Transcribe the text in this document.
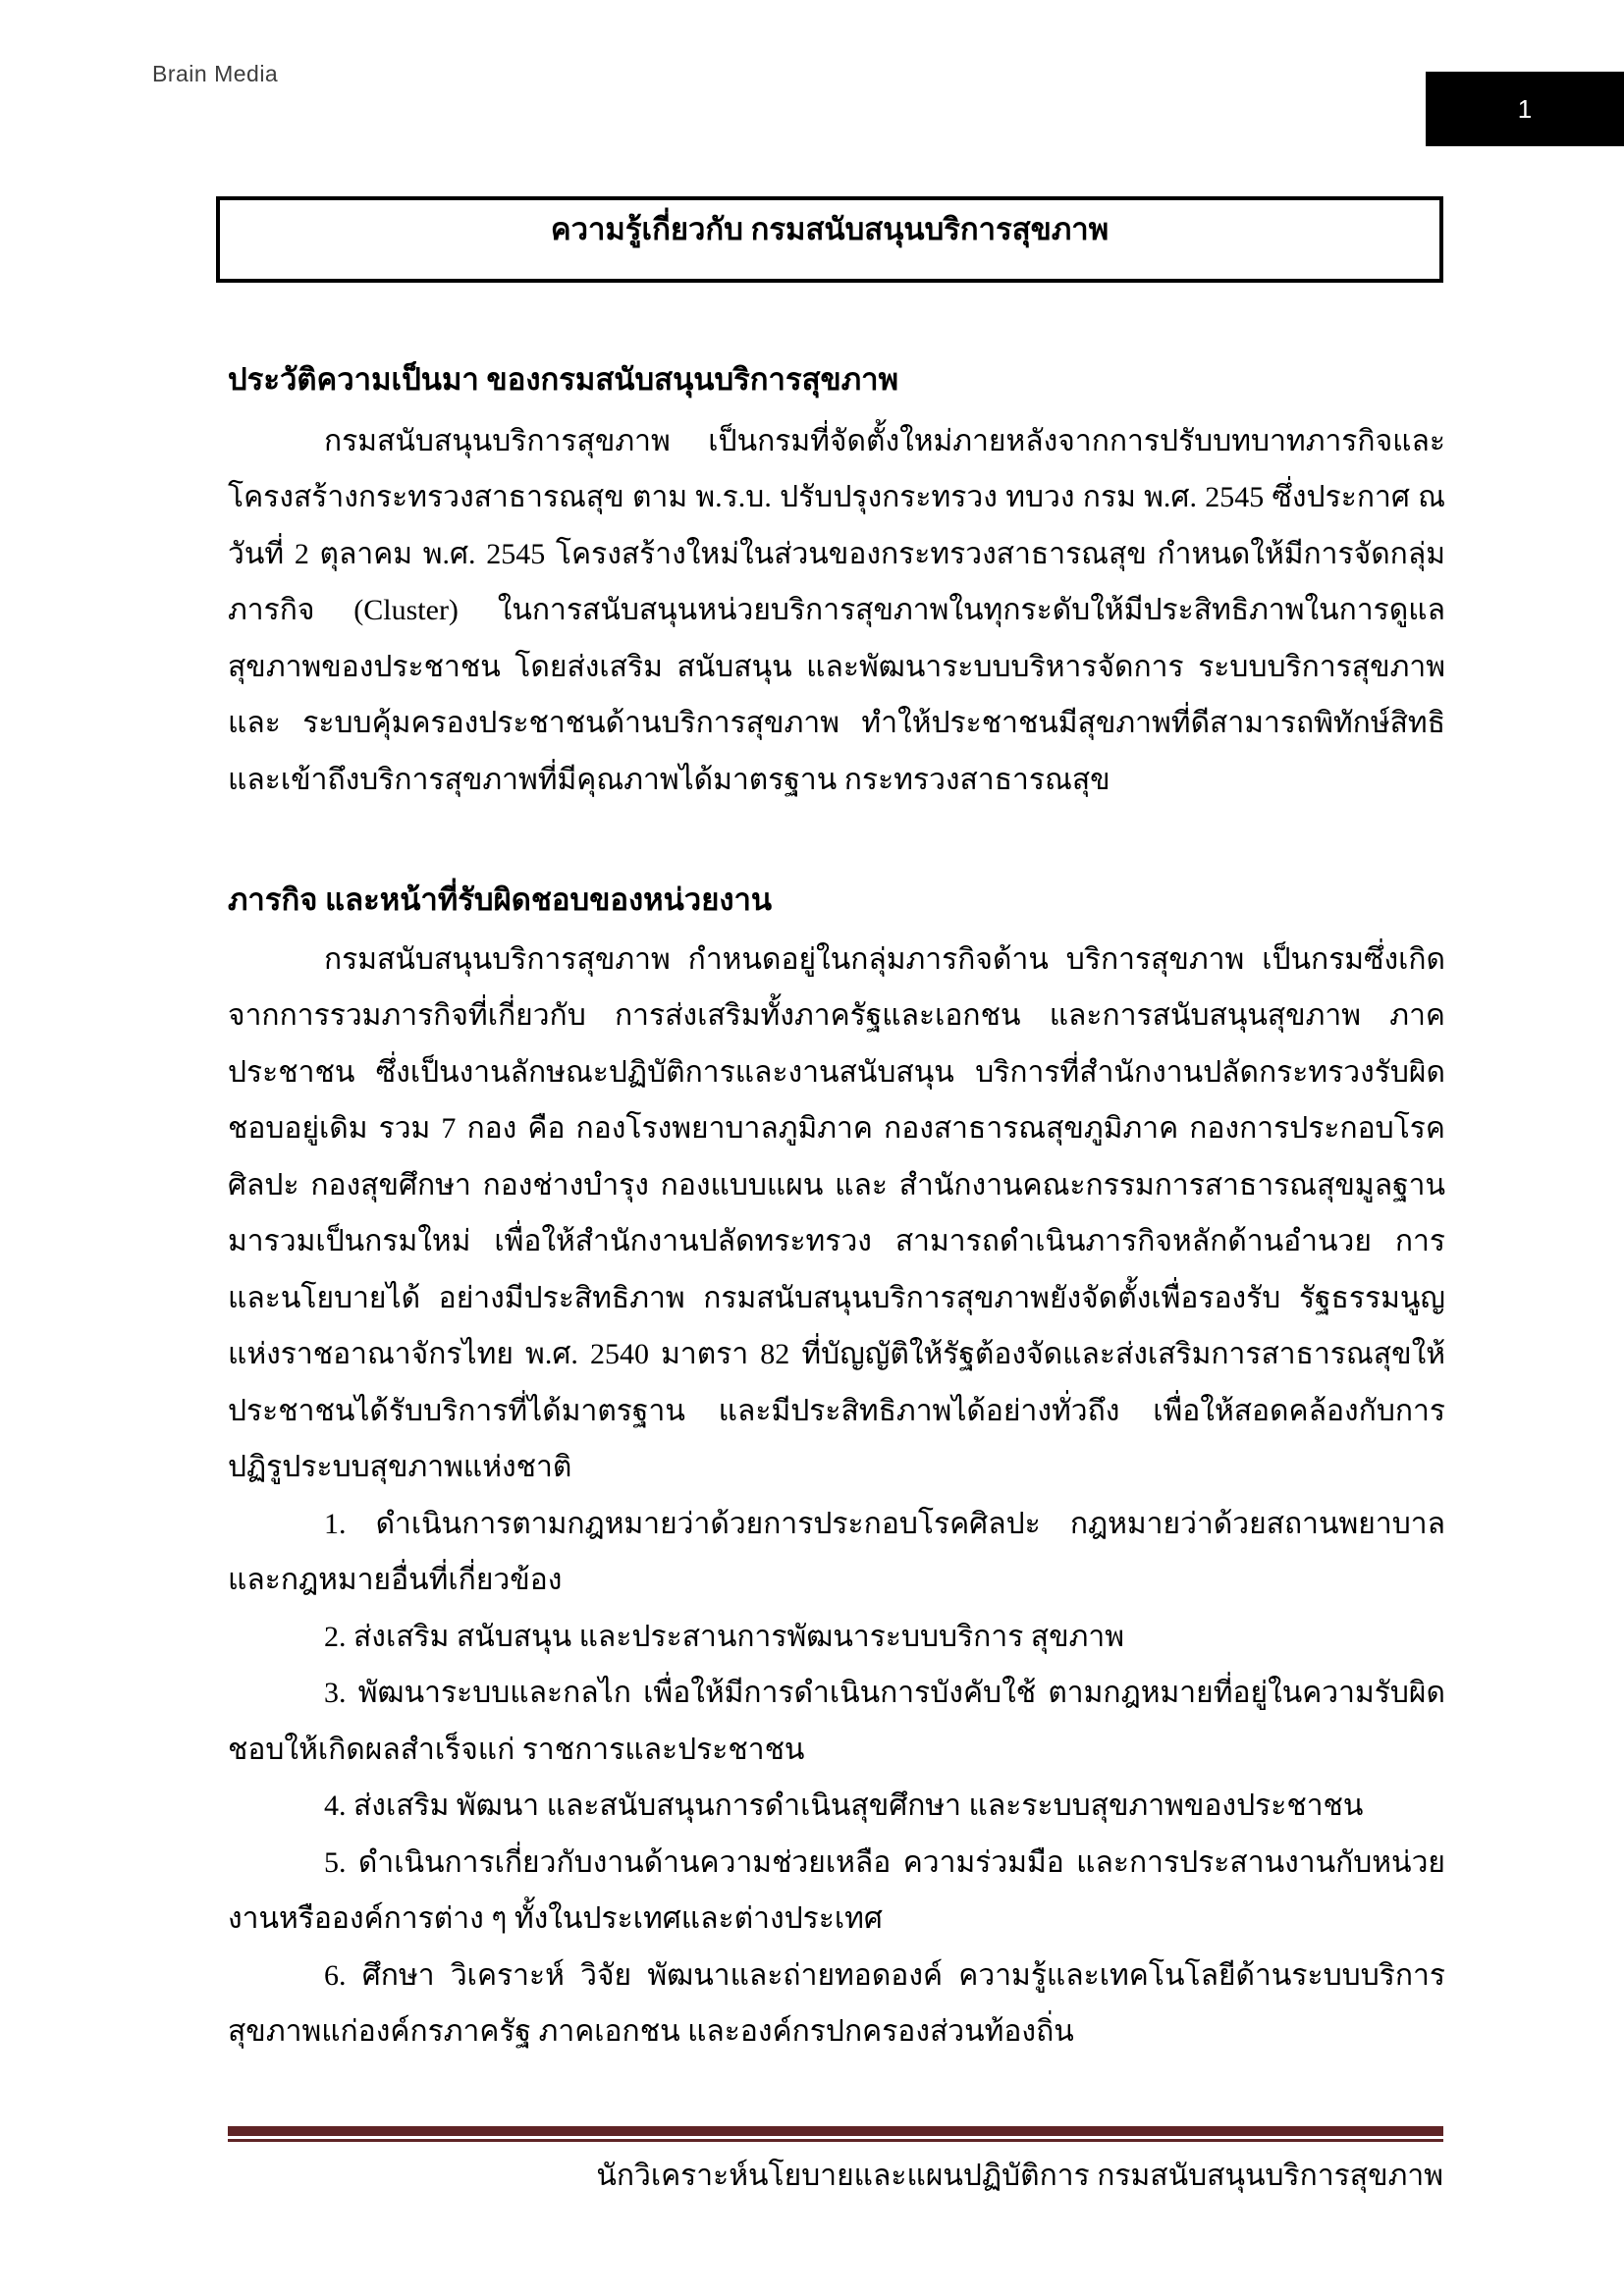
Brain Media
1
ความรู้เกี่ยวกับ กรมสนับสนุนบริการสุขภาพ
ประวัติความเป็นมา ของกรมสนับสนุนบริการสุขภาพ

กรมสนับสนุนบริการสุขภาพ เป็นกรมที่จัดตั้งใหม่ภายหลังจากการปรับบทบาทภารกิจและโครงสร้างกระทรวงสาธารณสุข ตาม พ.ร.บ. ปรับปรุงกระทรวง ทบวง กรม พ.ศ. 2545 ซึ่งประกาศ ณ วันที่ 2 ตุลาคม พ.ศ. 2545 โครงสร้างใหม่ในส่วนของกระทรวงสาธารณสุข กำหนดให้มีการจัดกลุ่มภารกิจ (Cluster) ในการสนับสนุนหน่วยบริการสุขภาพในทุกระดับให้มีประสิทธิภาพในการดูแลสุขภาพของประชาชน โดยส่งเสริม สนับสนุน และพัฒนาระบบบริหารจัดการ ระบบบริการสุขภาพ และ ระบบคุ้มครองประชาชนด้านบริการสุขภาพ ทำให้ประชาชนมีสุขภาพที่ดีสามารถพิทักษ์สิทธิ และเข้าถึงบริการสุขภาพที่มีคุณภาพได้มาตรฐาน กระทรวงสาธารณสุข

ภารกิจ และหน้าที่รับผิดชอบของหน่วยงาน

กรมสนับสนุนบริการสุขภาพ กำหนดอยู่ในกลุ่มภารกิจด้าน บริการสุขภาพ เป็นกรมซึ่งเกิดจากการรวมภารกิจที่เกี่ยวกับ การส่งเสริมทั้งภาครัฐและเอกชน และการสนับสนุนสุขภาพ ภาคประชาชน ซึ่งเป็นงานลักษณะปฏิบัติการและงานสนับสนุน บริการที่สำนักงานปลัดกระทรวงรับผิดชอบอยู่เดิม รวม 7 กอง คือ กองโรงพยาบาลภูมิภาค กองสาธารณสุขภูมิภาค กองการประกอบโรคศิลปะ กองสุขศึกษา กองช่างบำรุง กองแบบแผน และ สำนักงานคณะกรรมการสาธารณสุขมูลฐาน มารวมเป็นกรมใหม่ เพื่อให้สำนักงานปลัดทระทรวง สามารถดำเนินภารกิจหลักด้านอำนวย การและนโยบายได้ อย่างมีประสิทธิภาพ กรมสนับสนุนบริการสุขภาพยังจัดตั้งเพื่อรองรับ รัฐธรรมนูญแห่งราชอาณาจักรไทย พ.ศ. 2540 มาตรา 82 ที่บัญญัติให้รัฐต้องจัดและส่งเสริมการสาธารณสุขให้ ประชาชนได้รับบริการที่ได้มาตรฐาน และมีประสิทธิภาพได้อย่างทั่วถึง เพื่อให้สอดคล้องกับการปฏิรูประบบสุขภาพแห่งชาติ

1. ดำเนินการตามกฎหมายว่าด้วยการประกอบโรคศิลปะ กฎหมายว่าด้วยสถานพยาบาลและกฎหมายอื่นที่เกี่ยวข้อง

2. ส่งเสริม สนับสนุน และประสานการพัฒนาระบบบริการ สุขภาพ

3. พัฒนาระบบและกลไก เพื่อให้มีการดำเนินการบังคับใช้ ตามกฎหมายที่อยู่ในความรับผิดชอบให้เกิดผลสำเร็จแก่ ราชการและประชาชน

4. ส่งเสริม พัฒนา และสนับสนุนการดำเนินสุขศึกษา และระบบสุขภาพของประชาชน

5. ดำเนินการเกี่ยวกับงานด้านความช่วยเหลือ ความร่วมมือ และการประสานงานกับหน่วยงานหรือองค์การต่าง ๆ ทั้งในประเทศและต่างประเทศ

6. ศึกษา วิเคราะห์ วิจัย พัฒนาและถ่ายทอดองค์ ความรู้และเทคโนโลยีด้านระบบบริการสุขภาพแก่องค์กรภาครัฐ ภาคเอกชน และองค์กรปกครองส่วนท้องถิ่น

นักวิเคราะห์นโยบายและแผนปฏิบัติการ กรมสนับสนุนบริการสุขภาพ
